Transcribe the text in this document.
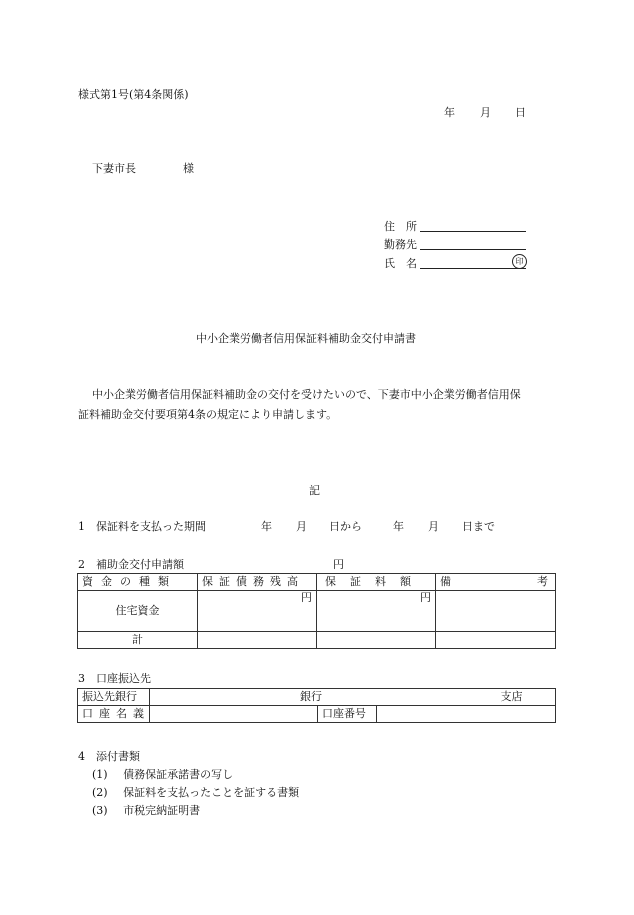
様式第1号(第4条関係)
年 月 日
下妻市長	様
住　所
勤務先
氏　名	印
中小企業労働者信用保証料補助金交付申請書
中小企業労働者信用保証料補助金の交付を受けたいので、下妻市中小企業労働者信用保
証料補助金交付要項第4条の規定により申請します。
記
1　保証料を支払った期間	年 月 日から	年 月 日まで
2　補助金交付申請額	円
資金の種類	保証債務残高	保証料額	備考
住宅資金	円	円	
計			
3　口座振込先
振込先銀行	銀行 支店		

口座名義		口座番号	
4　添付書類
(1) 債務保証承諾書の写し
(2) 保証料を支払ったことを証する書類
(3) 市税完納証明書
